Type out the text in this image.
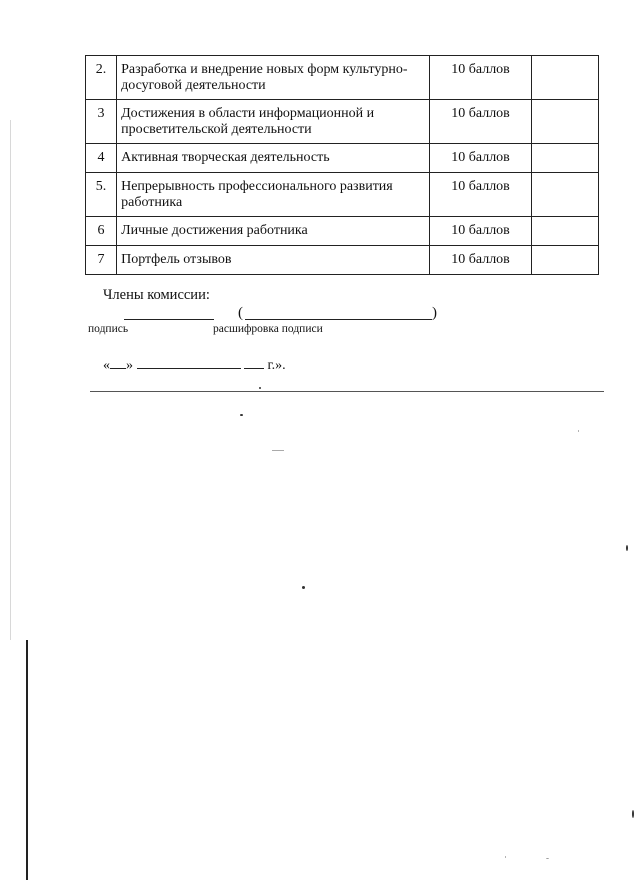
2.	Разработка и внедрение новых форм культурно-досуговой деятельности	10 баллов	
3	Достижения в области информационной и просветительской деятельности	10 баллов	
4	Активная творческая деятельность	10 баллов	
5.	Непрерывность профессионального развития работника	10 баллов	
6	Личные достижения работника	10 баллов	
7	Портфель отзывов	10 баллов	
Члены комиссии:
(	)
подпись	расшифровка подписи
« »	г.».
